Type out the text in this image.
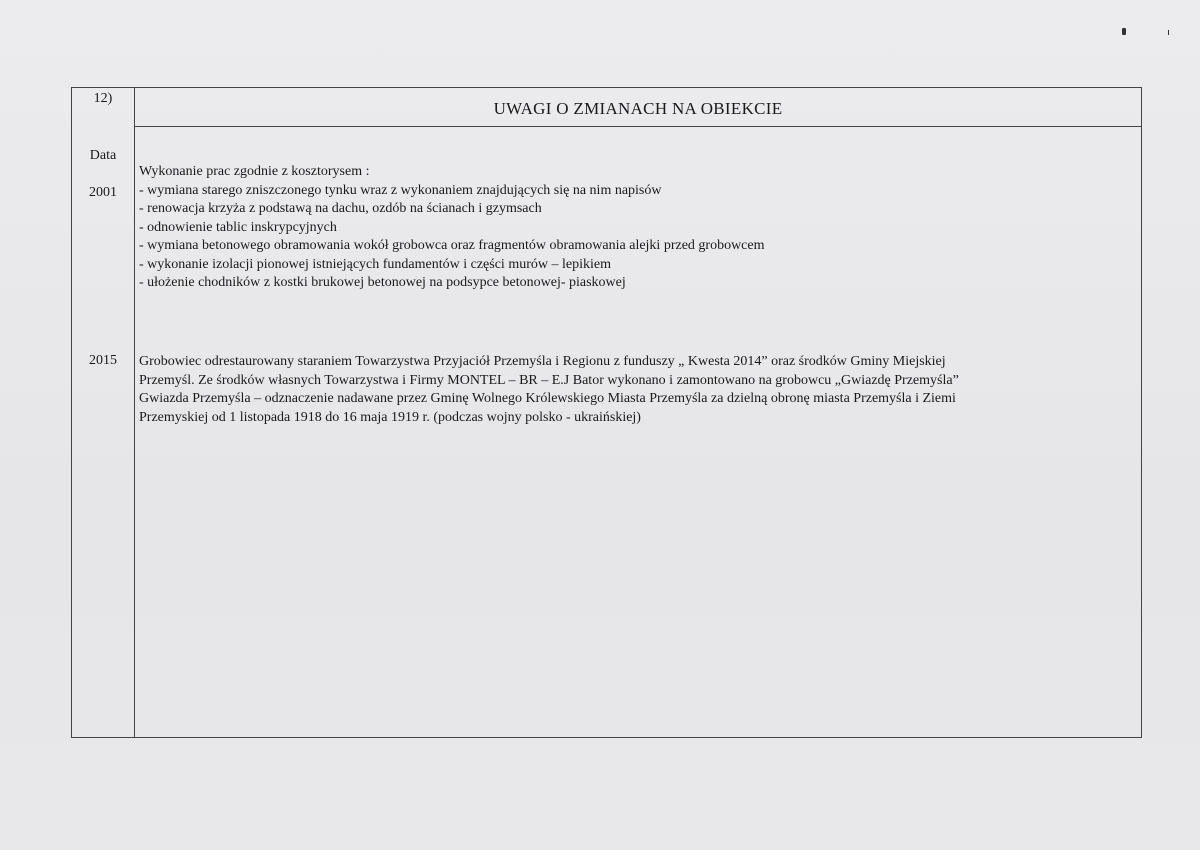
12)
UWAGI O ZMIANACH NA OBIEKCIE
Data
2001
Wykonanie prac zgodnie z kosztorysem :
- wymiana starego zniszczonego tynku wraz z wykonaniem znajdujących się na nim napisów
- renowacja krzyża z podstawą na dachu, ozdób na ścianach i gzymsach
- odnowienie tablic inskrypcyjnych
- wymiana betonowego obramowania wokół grobowca oraz fragmentów obramowania alejki przed grobowcem
- wykonanie izolacji pionowej istniejących fundamentów i części murów – lepikiem
- ułożenie chodników z kostki brukowej betonowej na podsypce betonowej- piaskowej
2015	Grobowiec odrestaurowany staraniem Towarzystwa Przyjaciół Przemyśla i Regionu z funduszy „ Kwesta 2014” oraz środków Gminy Miejskiej
Przemyśl. Ze środków własnych Towarzystwa i Firmy MONTEL – BR – E.J Bator wykonano i zamontowano na grobowcu „Gwiazdę Przemyśla”
Gwiazda Przemyśla – odznaczenie nadawane przez Gminę Wolnego Królewskiego Miasta Przemyśla za dzielną obronę miasta Przemyśla i Ziemi
Przemyskiej od 1 listopada 1918 do 16 maja 1919 r. (podczas wojny polsko - ukraińskiej)
